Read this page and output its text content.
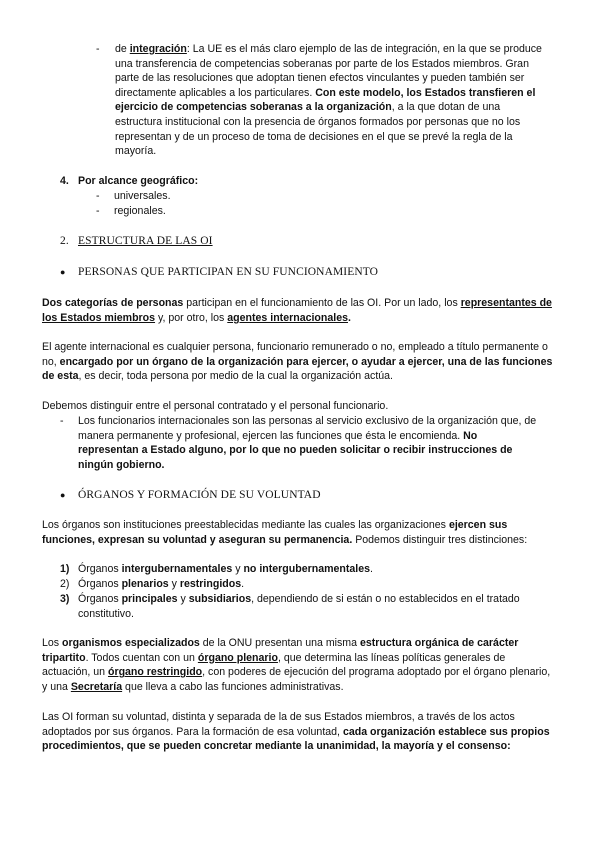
- de integración: La UE es el más claro ejemplo de las de integración, en la que se produce una transferencia de competencias soberanas por parte de los Estados miembros. Gran parte de las resoluciones que adoptan tienen efectos vinculantes y pueden también ser directamente aplicables a los particulares. Con este modelo, los Estados transfieren el ejercicio de competencias soberanas a la organización, a la que dotan de una estructura institucional con la presencia de órganos formados por personas que no los representan y de un proceso de toma de decisiones en el que se prevé la regla de la mayoría.

4. Por alcance geográfico:
- universales.
- regionales.
2. ESTRUCTURA DE LAS OI
● PERSONAS QUE PARTICIPAN EN SU FUNCIONAMIENTO

Dos categorías de personas participan en el funcionamiento de las OI. Por un lado, los representantes de los Estados miembros y, por otro, los agentes internacionales.

El agente internacional es cualquier persona, funcionario remunerado o no, empleado a título permanente o no, encargado por un órgano de la organización para ejercer, o ayudar a ejercer, una de las funciones de esta, es decir, toda persona por medio de la cual la organización actúa.

Debemos distinguir entre el personal contratado y el personal funcionario.

- Los funcionarios internacionales son las personas al servicio exclusivo de la organización que, de manera permanente y profesional, ejercen las funciones que ésta le encomienda. No representan a Estado alguno, por lo que no pueden solicitar o recibir instrucciones de ningún gobierno.

● ÓRGANOS Y FORMACIÓN DE SU VOLUNTAD

Los órganos son instituciones preestablecidas mediante las cuales las organizaciones ejercen sus funciones, expresan su voluntad y aseguran su permanencia. Podemos distinguir tres distinciones:

1) Órganos intergubernamentales y no intergubernamentales.
2) Órganos plenarios y restringidos.
3) Órganos principales y subsidiarios, dependiendo de si están o no establecidos en el tratado constitutivo.

Los organismos especializados de la ONU presentan una misma estructura orgánica de carácter tripartito. Todos cuentan con un órgano plenario, que determina las líneas políticas generales de actuación, un órgano restringido, con poderes de ejecución del programa adoptado por el órgano plenario, y una Secretaría que lleva a cabo las funciones administrativas.

Las OI forman su voluntad, distinta y separada de la de sus Estados miembros, a través de los actos adoptados por sus órganos. Para la formación de esa voluntad, cada organización establece sus propios procedimientos, que se pueden concretar mediante la unanimidad, la mayoría y el consenso:
